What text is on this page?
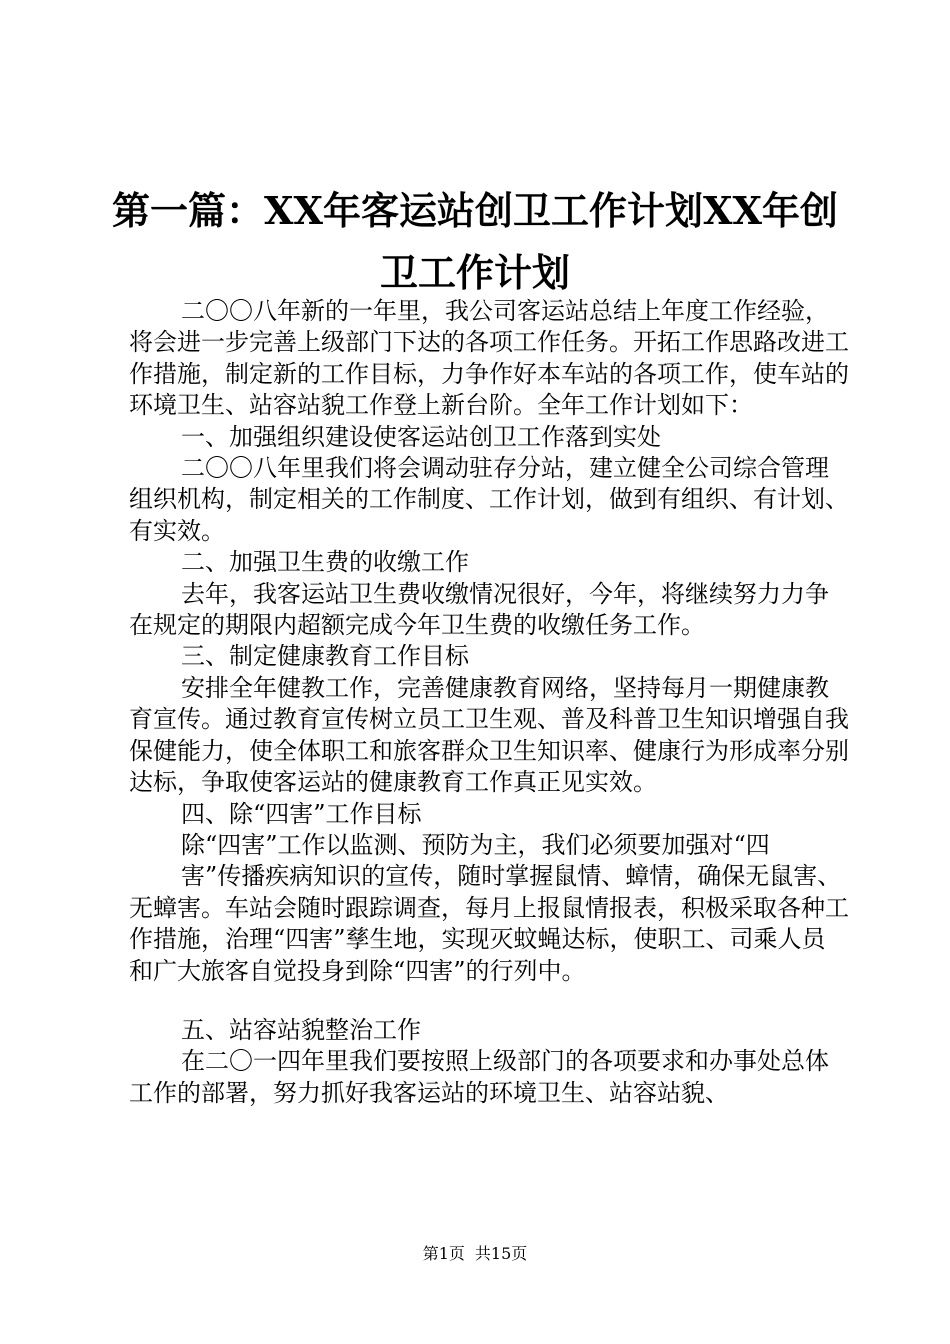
第一篇：XX年客运站创卫工作计划XX年创卫工作计划

二〇〇八年新的一年里，我公司客运站总结上年度工作经验，将会进一步完善上级部门下达的各项工作任务。开拓工作思路改进工作措施，制定新的工作目标，力争作好本车站的各项工作，使车站的环境卫生、站容站貌工作登上新台阶。全年工作计划如下：

一、加强组织建设使客运站创卫工作落到实处

二〇〇八年里我们将会调动驻存分站，建立健全公司综合管理组织机构，制定相关的工作制度、工作计划，做到有组织、有计划、有实效。

二、加强卫生费的收缴工作

去年，我客运站卫生费收缴情况很好，今年，将继续努力力争在规定的期限内超额完成今年卫生费的收缴任务工作。

三、制定健康教育工作目标

安排全年健教工作，完善健康教育网络，坚持每月一期健康教育宣传。通过教育宣传树立员工卫生观、普及科普卫生知识增强自我保健能力，使全体职工和旅客群众卫生知识率、健康行为形成率分别达标，争取使客运站的健康教育工作真正见实效。

四、除“四害”工作目标

除“四害”工作以监测、预防为主，我们必须要加强对“四

害”传播疾病知识的宣传，随时掌握鼠情、蟑情，确保无鼠害、无蟑害。车站会随时跟踪调查，每月上报鼠情报表，积极采取各种工作措施，治理“四害”孳生地，实现灭蚊蝇达标，使职工、司乘人员和广大旅客自觉投身到除“四害”的行列中。

五、站容站貌整治工作

在二〇一四年里我们要按照上级部门的各项要求和办事处总体工作的部署，努力抓好我客运站的环境卫生、站容站貌、

第1页 共15页
